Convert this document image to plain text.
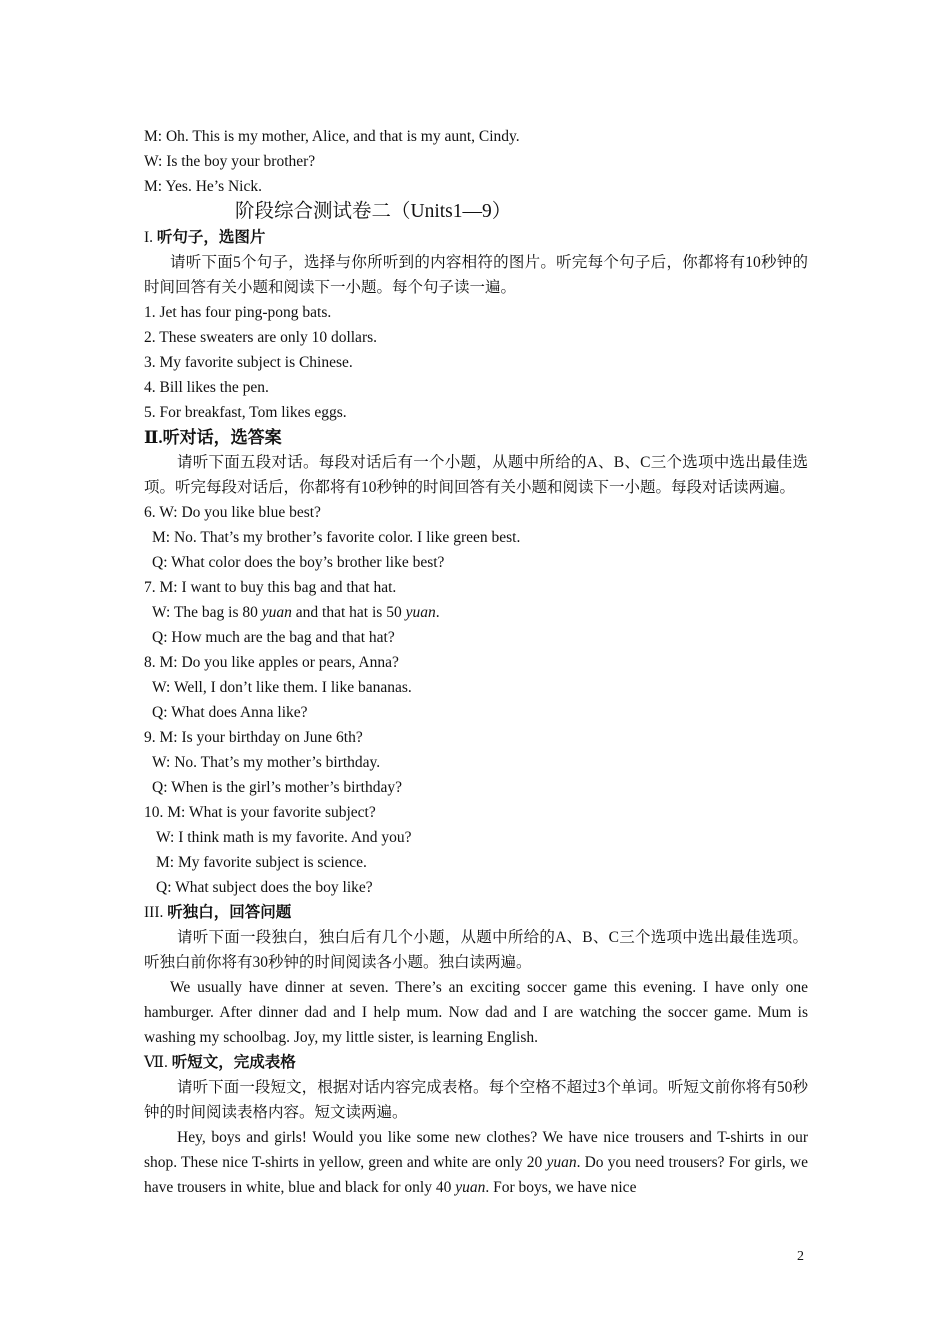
M: Oh. This is my mother, Alice, and that is my aunt, Cindy.
W: Is the boy your brother?
M: Yes. He’s Nick.
阶段综合测试卷二（Units1—9）
I. 听句子，选图片
请听下面5个句子，选择与你所听到的内容相符的图片。听完每个句子后，你都将有10秒钟的时间回答有关小题和阅读下一小题。每个句子读一遍。
1. Jet has four ping-pong bats.
2. These sweaters are only 10 dollars.
3. My favorite subject is Chinese.
4. Bill likes the pen.
5. For breakfast, Tom likes eggs.
Ⅱ.听对话，选答案
请听下面五段对话。每段对话后有一个小题，从题中所给的A、B、C三个选项中选出最佳选项。听完每段对话后，你都将有10秒钟的时间回答有关小题和阅读下一小题。每段对话读两遍。
6. W: Do you like blue best?
M: No. That’s my brother’s favorite color. I like green best.
Q: What color does the boy’s brother like best?
7. M: I want to buy this bag and that hat.
W: The bag is 80 yuan and that hat is 50 yuan.
Q: How much are the bag and that hat?
8. M: Do you like apples or pears, Anna?
W: Well, I don’t like them. I like bananas.
Q: What does Anna like?
9. M: Is your birthday on June 6th?
W: No. That’s my mother’s birthday.
Q: When is the girl’s mother’s birthday?
10. M: What is your favorite subject?
W: I think math is my favorite. And you?
M: My favorite subject is science.
Q: What subject does the boy like?
III. 听独白，回答问题
请听下面一段独白，独白后有几个小题，从题中所给的A、B、C三个选项中选出最佳选项。听独白前你将有30秒钟的时间阅读各小题。独白读两遍。
We usually have dinner at seven. There’s an exciting soccer game this evening. I have only one hamburger. After dinner dad and I help mum. Now dad and I are watching the soccer game. Mum is washing my schoolbag. Joy, my little sister, is learning English.
Ⅶ. 听短文，完成表格
请听下面一段短文，根据对话内容完成表格。每个空格不超过3个单词。听短文前你将有50秒钟的时间阅读表格内容。短文读两遍。
Hey, boys and girls! Would you like some new clothes? We have nice trousers and T-shirts in our shop. These nice T-shirts in yellow, green and white are only 20 yuan. Do you need trousers? For girls, we have trousers in white, blue and black for only 40 yuan. For boys, we have nice
2
